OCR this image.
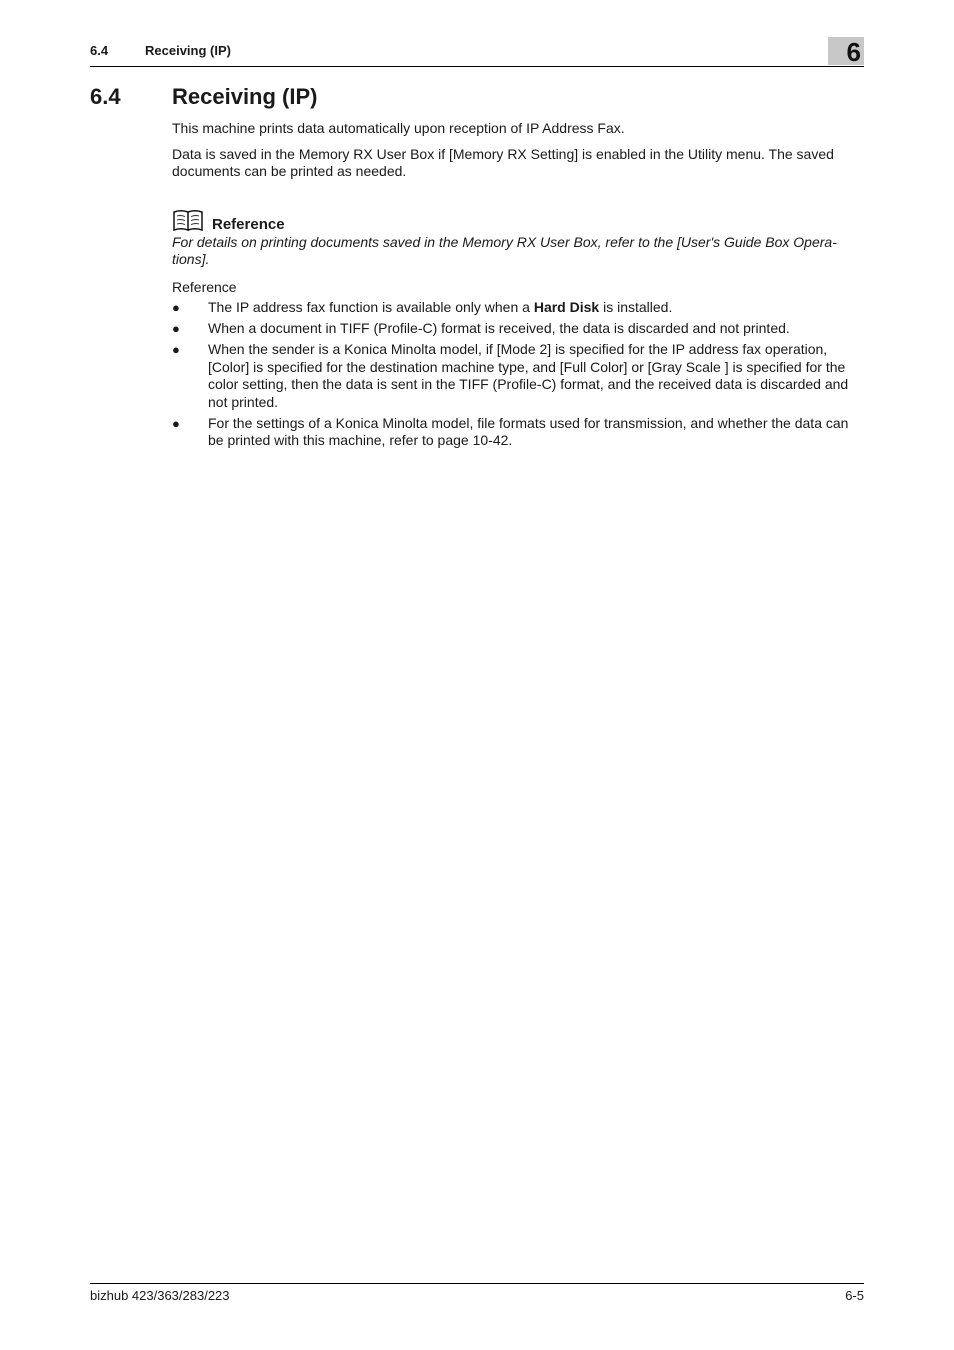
6.4	Receiving (IP)	6
6.4 Receiving (IP)

This machine prints data automatically upon reception of IP Address Fax.

Data is saved in the Memory RX User Box if [Memory RX Setting] is enabled in the Utility menu. The saved documents can be printed as needed.

Reference

For details on printing documents saved in the Memory RX User Box, refer to the [User's Guide Box Opera-tions].

Reference

● The IP address fax function is available only when a Hard Disk is installed.
● When a document in TIFF (Profile-C) format is received, the data is discarded and not printed.
● When the sender is a Konica Minolta model, if [Mode 2] is specified for the IP address fax operation, [Color] is specified for the destination machine type, and [Full Color] or [Gray Scale ] is specified for the color setting, then the data is sent in the TIFF (Profile-C) format, and the received data is discarded and not printed.
● For the settings of a Konica Minolta model, file formats used for transmission, and whether the data can be printed with this machine, refer to page 10-42.
bizhub 423/363/283/223	6-5
